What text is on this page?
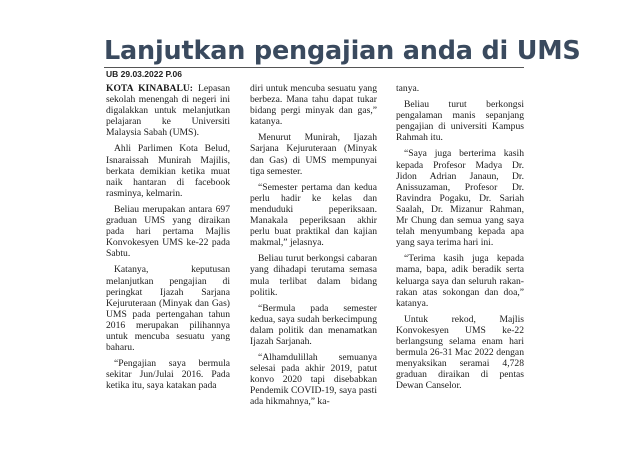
Lanjutkan pengajian anda di UMS
UB 29.03.2022 P.06

KOTA KINABALU: Lepasan sekolah menengah di negeri ini digalakkan untuk melanjutkan pelajaran ke Universiti Malaysia Sabah (UMS).

Ahli Parlimen Kota Belud, Isnaraissah Munirah Majilis, berkata demikian ketika muat naik hantaran di facebook rasminya, kelmarin.

Beliau merupakan antara 697 graduan UMS yang diraikan pada hari pertama Majlis Konvokesyen UMS ke-22 pada Sabtu.

Katanya, keputusan melanjutkan pengajian di peringkat Ijazah Sarjana Kejuruteraan (Minyak dan Gas) UMS pada pertengahan tahun 2016 merupakan pilihannya untuk mencuba sesuatu yang baharu.

“Pengajian saya bermula sekitar Jun/Julai 2016. Pada ketika itu, saya katakan pada

diri untuk mencuba sesuatu yang berbeza. Mana tahu dapat tukar bidang pergi minyak dan gas,” katanya.

Menurut Munirah, Ijazah Sarjana Kejuruteraan (Minyak dan Gas) di UMS mempunyai tiga semester.

“Semester pertama dan kedua perlu hadir ke kelas dan menduduki peperiksaan. Manakala peperiksaan akhir perlu buat praktikal dan kajian makmal,” jelasnya.

Beliau turut berkongsi cabaran yang dihadapi terutama semasa mula terlibat dalam bidang politik.

“Bermula pada semester kedua, saya sudah berkecimpung dalam politik dan menamatkan Ijazah Sarjanah.

“Alhamdulillah semuanya selesai pada akhir 2019, patut konvo 2020 tapi disebabkan Pendemik COVID-19, saya pasti ada hikmahnya,” ka-

tanya.

Beliau turut berkongsi pengalaman manis sepanjang pengajian di universiti Kampus Rahmah itu.

“Saya juga berterima kasih kepada Profesor Madya Dr. Jidon Adrian Janaun, Dr. Anissuzaman, Profesor Dr. Ravindra Pogaku, Dr. Sariah Saalah, Dr. Mizanur Rahman, Mr Chung dan semua yang saya telah menyumbang kepada apa yang saya terima hari ini.

“Terima kasih juga kepada mama, bapa, adik beradik serta keluarga saya dan seluruh rakan-rakan atas sokongan dan doa,” katanya.

Untuk rekod, Majlis Konvokesyen UMS ke-22 berlangsung selama enam hari bermula 26-31 Mac 2022 dengan menyaksikan seramai 4,728 graduan diraikan di pentas Dewan Canselor.
